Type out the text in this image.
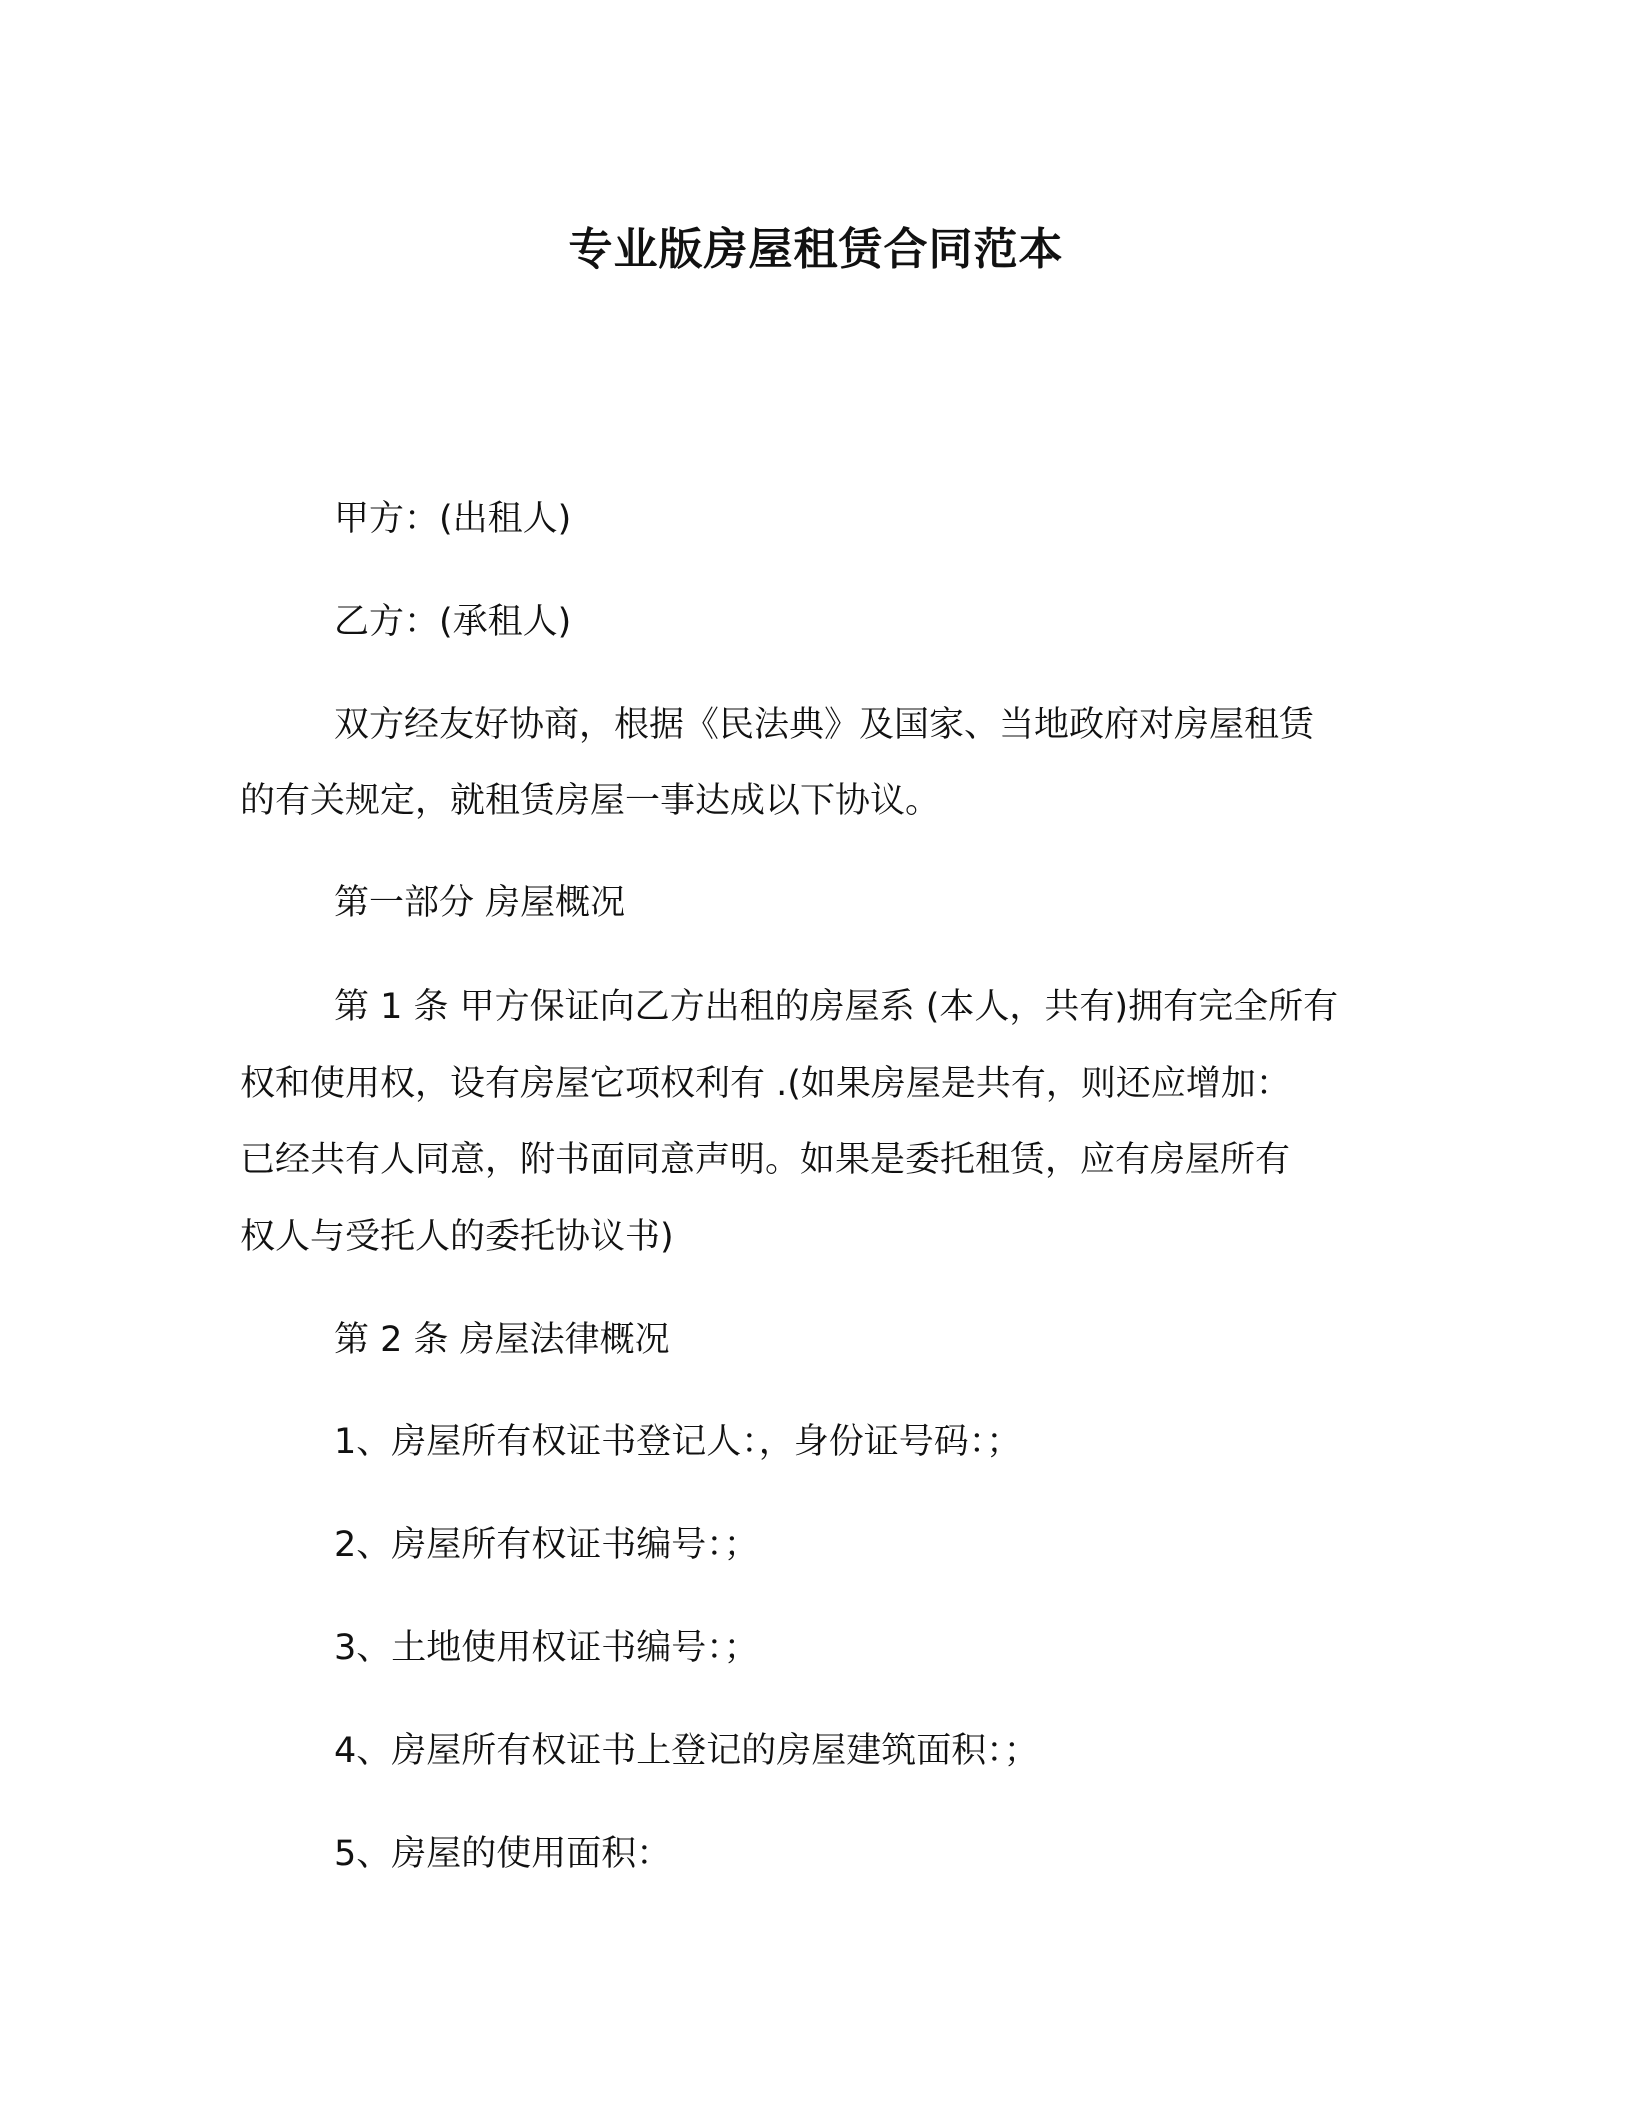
专业版房屋租赁合同范本
甲方：(出租人)
乙方：(承租人)
双方经友好协商，根据《民法典》及国家、当地政府对房屋租赁
的有关规定，就租赁房屋一事达成以下协议。
第一部分 房屋概况
第 1 条 甲方保证向乙方出租的房屋系 (本人，共有)拥有完全所有
权和使用权，设有房屋它项权利有 .(如果房屋是共有，则还应增加：
已经共有人同意，附书面同意声明。如果是委托租赁，应有房屋所有
权人与受托人的委托协议书)
第 2 条 房屋法律概况
1、房屋所有权证书登记人：，身份证号码：；
2、房屋所有权证书编号：；
3、土地使用权证书编号：；
4、房屋所有权证书上登记的房屋建筑面积：；
5、房屋的使用面积：
